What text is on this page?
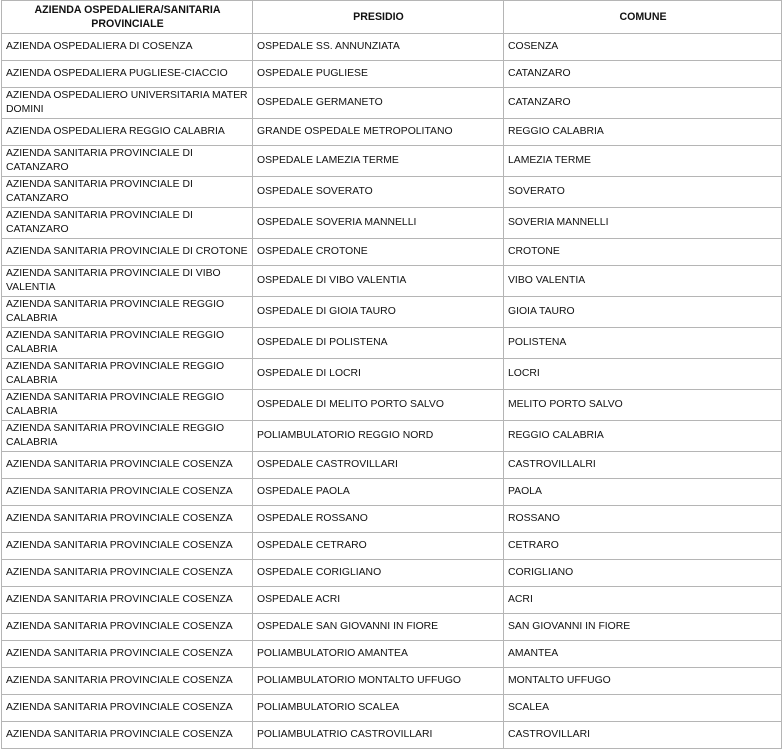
AZIENDA OSPEDALIERA/SANITARIA PROVINCIALE	PRESIDIO	COMUNE
AZIENDA OSPEDALIERA DI COSENZA	OSPEDALE SS. ANNUNZIATA	COSENZA
AZIENDA OSPEDALIERA PUGLIESE-CIACCIO	OSPEDALE PUGLIESE	CATANZARO
AZIENDA OSPEDALIERO UNIVERSITARIA MATER DOMINI	OSPEDALE GERMANETO	CATANZARO
AZIENDA OSPEDALIERA REGGIO CALABRIA	GRANDE OSPEDALE METROPOLITANO	REGGIO CALABRIA
AZIENDA SANITARIA PROVINCIALE DI CATANZARO	OSPEDALE LAMEZIA TERME	LAMEZIA TERME
AZIENDA SANITARIA PROVINCIALE DI CATANZARO	OSPEDALE SOVERATO	SOVERATO
AZIENDA SANITARIA PROVINCIALE DI CATANZARO	OSPEDALE SOVERIA MANNELLI	SOVERIA MANNELLI
AZIENDA SANITARIA PROVINCIALE DI CROTONE	OSPEDALE CROTONE	CROTONE
AZIENDA SANITARIA PROVINCIALE DI VIBO VALENTIA	OSPEDALE DI VIBO VALENTIA	VIBO VALENTIA
AZIENDA SANITARIA PROVINCIALE REGGIO CALABRIA	OSPEDALE DI GIOIA TAURO	GIOIA TAURO
AZIENDA SANITARIA PROVINCIALE REGGIO CALABRIA	OSPEDALE DI POLISTENA	POLISTENA
AZIENDA SANITARIA PROVINCIALE REGGIO CALABRIA	OSPEDALE DI LOCRI	LOCRI
AZIENDA SANITARIA PROVINCIALE REGGIO CALABRIA	OSPEDALE DI MELITO PORTO SALVO	MELITO PORTO SALVO
AZIENDA SANITARIA PROVINCIALE REGGIO CALABRIA	POLIAMBULATORIO REGGIO NORD	REGGIO CALABRIA
AZIENDA SANITARIA PROVINCIALE COSENZA	OSPEDALE CASTROVILLARI	CASTROVILLALRI
AZIENDA SANITARIA PROVINCIALE COSENZA	OSPEDALE PAOLA	PAOLA
AZIENDA SANITARIA PROVINCIALE COSENZA	OSPEDALE ROSSANO	ROSSANO
AZIENDA SANITARIA PROVINCIALE COSENZA	OSPEDALE CETRARO	CETRARO
AZIENDA SANITARIA PROVINCIALE COSENZA	OSPEDALE CORIGLIANO	CORIGLIANO
AZIENDA SANITARIA PROVINCIALE COSENZA	OSPEDALE ACRI	ACRI
AZIENDA SANITARIA PROVINCIALE COSENZA	OSPEDALE SAN GIOVANNI IN FIORE	SAN GIOVANNI IN FIORE
AZIENDA SANITARIA PROVINCIALE COSENZA	POLIAMBULATORIO AMANTEA	AMANTEA
AZIENDA SANITARIA PROVINCIALE COSENZA	POLIAMBULATORIO MONTALTO UFFUGO	MONTALTO UFFUGO
AZIENDA SANITARIA PROVINCIALE COSENZA	POLIAMBULATORIO SCALEA	SCALEA
AZIENDA SANITARIA PROVINCIALE COSENZA	POLIAMBULATRIO CASTROVILLARI	CASTROVILLARI
